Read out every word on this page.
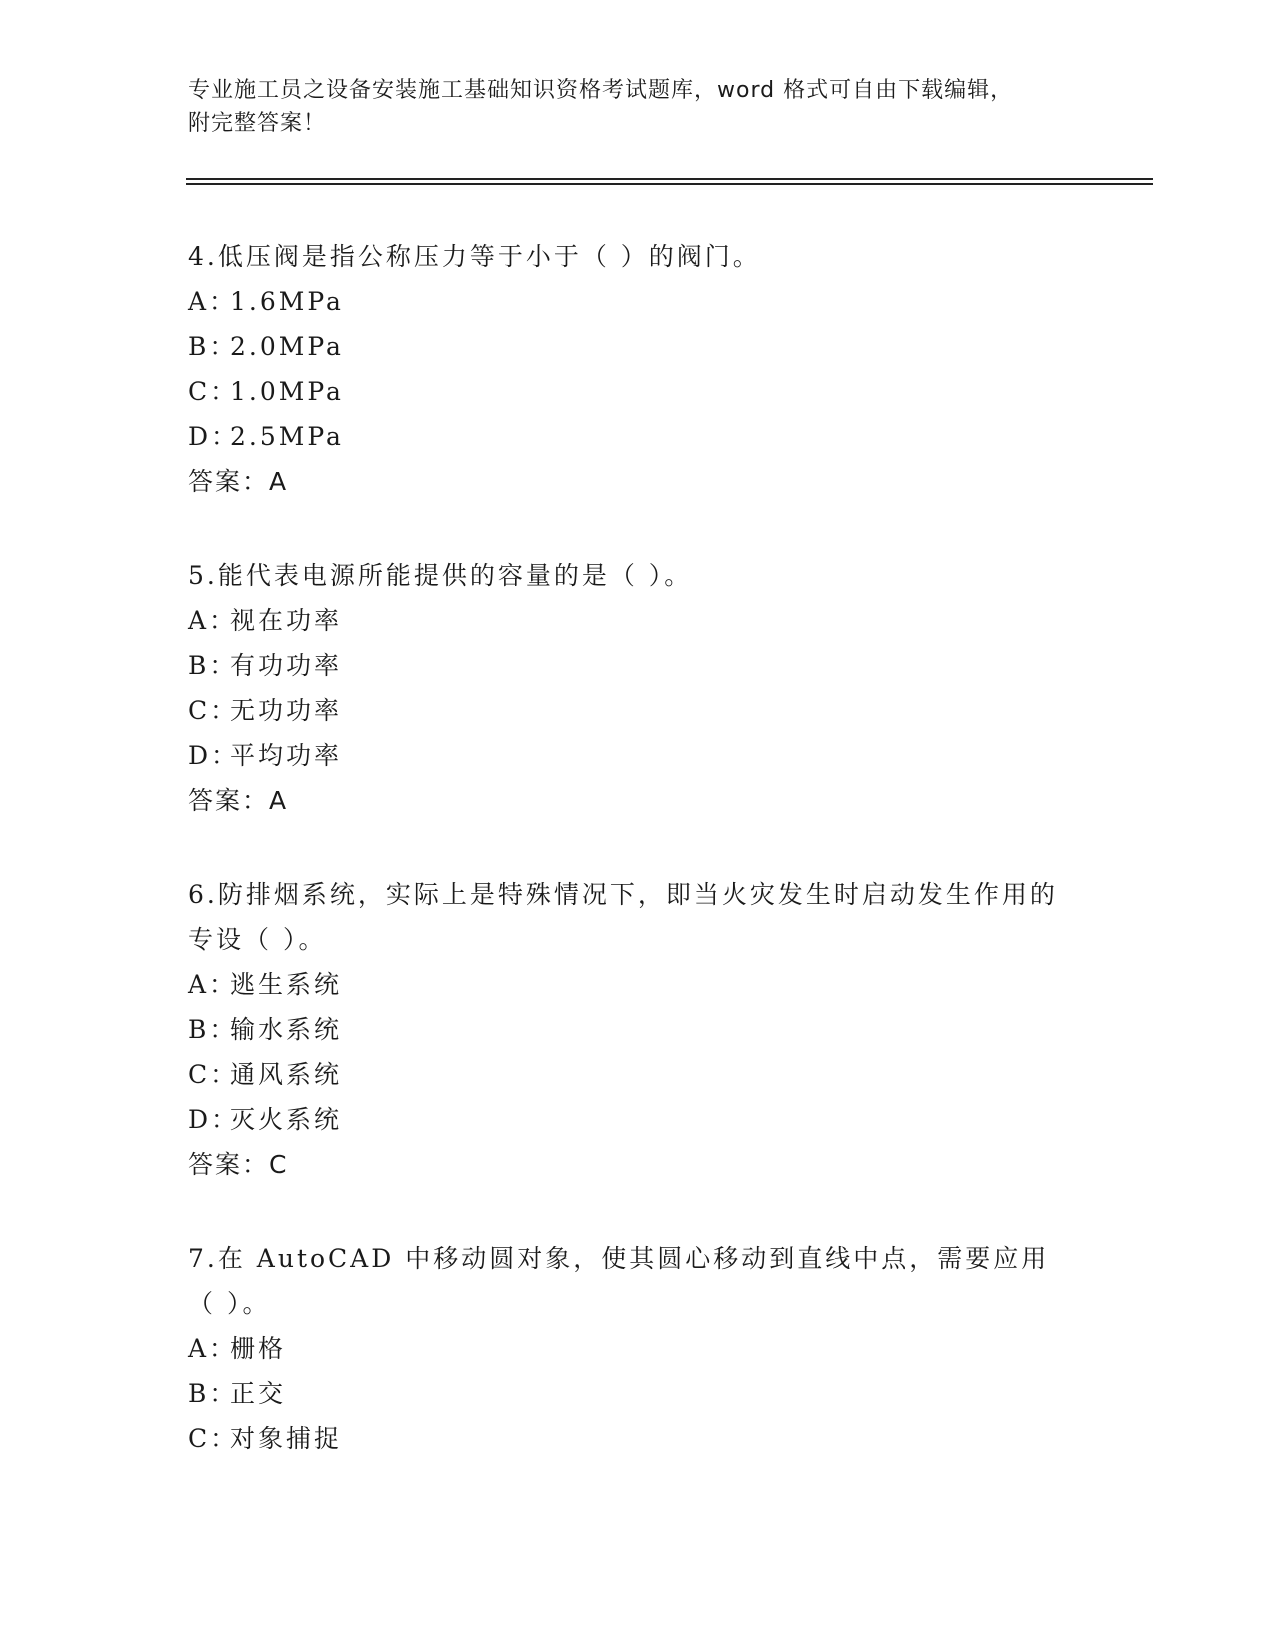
专业施工员之设备安装施工基础知识资格考试题库，word 格式可自由下载编辑，
附完整答案！
4.低压阀是指公称压力等于小于（ ）的阀门。
A：1.6MPa
B：2.0MPa
C：1.0MPa
D：2.5MPa
答案：A
5.能代表电源所能提供的容量的是（ ）。
A：视在功率
B：有功功率
C：无功功率
D：平均功率
答案：A
6.防排烟系统，实际上是特殊情况下，即当火灾发生时启动发生作用的专设（ ）。
A：逃生系统
B：输水系统
C：通风系统
D：灭火系统
答案：C
7.在 AutoCAD 中移动圆对象，使其圆心移动到直线中点，需要应用（ ）。
A：栅格
B：正交
C：对象捕捉
